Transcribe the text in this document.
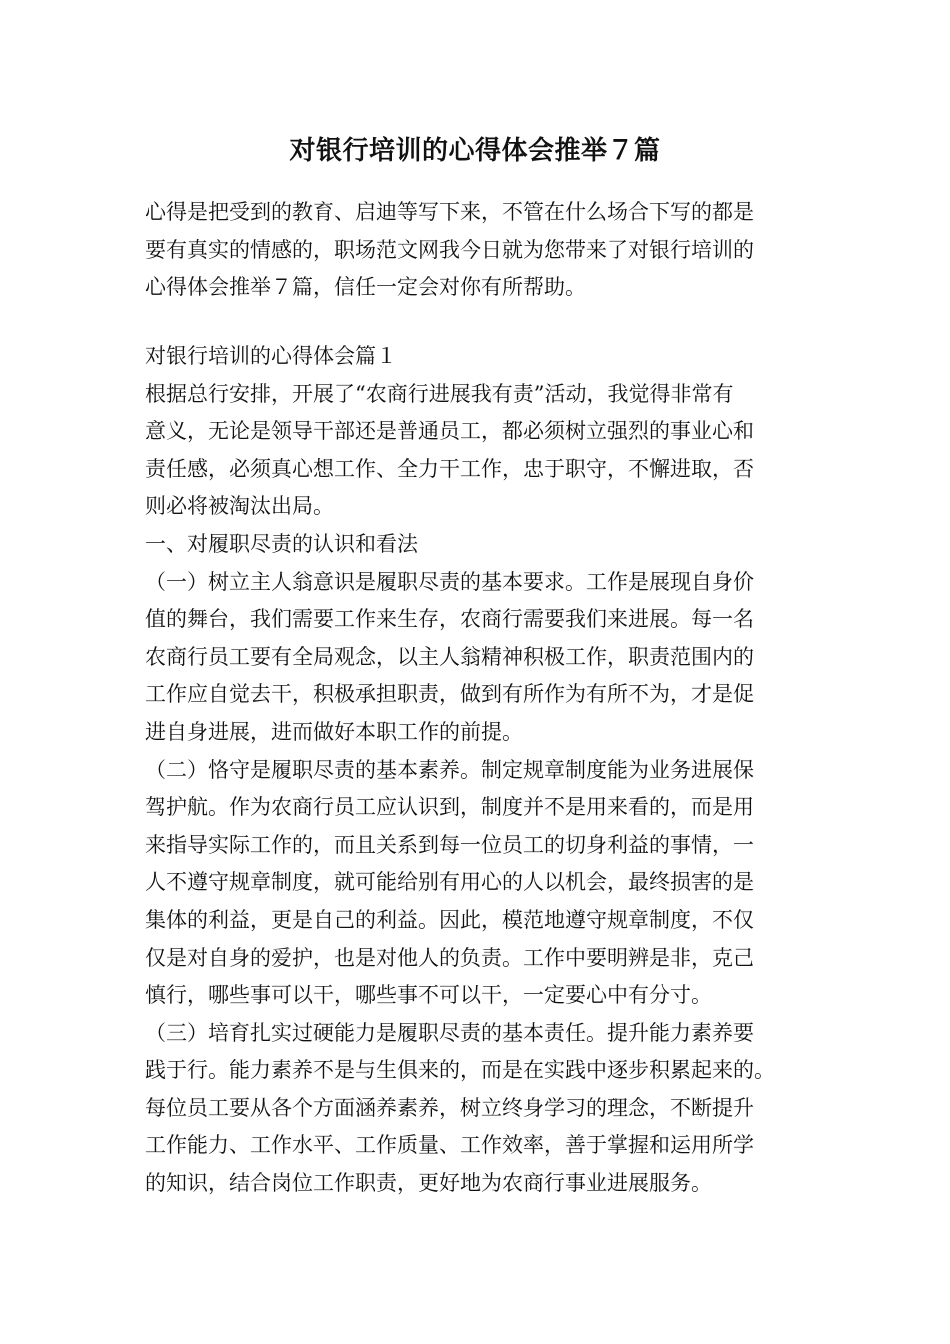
对银行培训的心得体会推举７篇
心得是把受到的教育、启迪等写下来，不管在什么场合下写的都是
要有真实的情感的，职场范文网我今日就为您带来了对银行培训的
心得体会推举７篇，信任一定会对你有所帮助。
对银行培训的心得体会篇１
根据总行安排，开展了“农商行进展我有责”活动，我觉得非常有
意义，无论是领导干部还是普通员工，都必须树立强烈的事业心和
责任感，必须真心想工作、全力干工作，忠于职守，不懈进取，否
则必将被淘汰出局。
一、对履职尽责的认识和看法
（一）树立主人翁意识是履职尽责的基本要求。工作是展现自身价
值的舞台，我们需要工作来生存，农商行需要我们来进展。每一名
农商行员工要有全局观念，以主人翁精神积极工作，职责范围内的
工作应自觉去干，积极承担职责，做到有所作为有所不为，才是促
进自身进展，进而做好本职工作的前提。
（二）恪守是履职尽责的基本素养。制定规章制度能为业务进展保
驾护航。作为农商行员工应认识到，制度并不是用来看的，而是用
来指导实际工作的，而且关系到每一位员工的切身利益的事情，一
人不遵守规章制度，就可能给别有用心的人以机会，最终损害的是
集体的利益，更是自己的利益。因此，模范地遵守规章制度，不仅
仅是对自身的爱护，也是对他人的负责。工作中要明辨是非，克己
慎行，哪些事可以干，哪些事不可以干，一定要心中有分寸。
（三）培育扎实过硬能力是履职尽责的基本责任。提升能力素养要
践于行。能力素养不是与生俱来的，而是在实践中逐步积累起来的。
每位员工要从各个方面涵养素养，树立终身学习的理念，不断提升
工作能力、工作水平、工作质量、工作效率，善于掌握和运用所学
的知识，结合岗位工作职责，更好地为农商行事业进展服务。
